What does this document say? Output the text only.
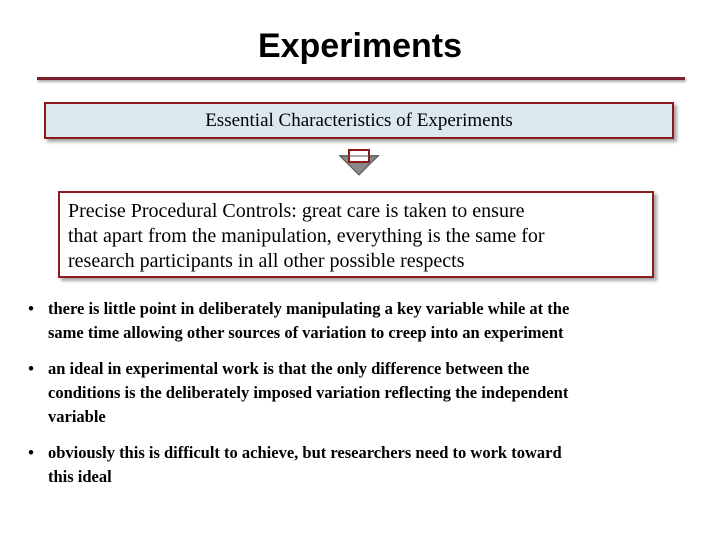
Experiments
Essential Characteristics of Experiments
Precise Procedural Controls: great care is taken to ensure
that apart from the manipulation, everything is the same for
research participants in all other possible respects
• there is little point in deliberately manipulating a key variable while at the
same time allowing other sources of variation to creep into an experiment
• an ideal in experimental work is that the only difference between the
conditions is the deliberately imposed variation reflecting the independent
variable
• obviously this is difficult to achieve, but researchers need to work toward
this ideal
